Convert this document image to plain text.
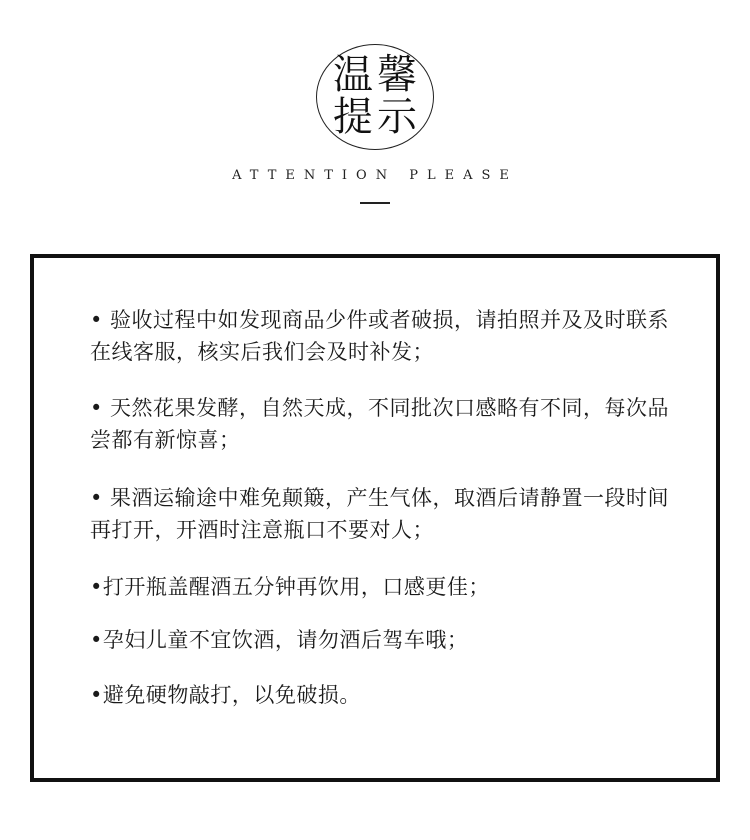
温 馨
提 示
ATTENTION PLEASE
• 验收过程中如发现商品少件或者破损，请拍照并及及时联系在线客服，核实后我们会及时补发；
• 天然花果发酵，自然天成，不同批次口感略有不同，每次品尝都有新惊喜；
• 果酒运输途中难免颠簸，产生气体，取酒后请静置一段时间再打开，开酒时注意瓶口不要对人；
•打开瓶盖醒酒五分钟再饮用，口感更佳；
•孕妇儿童不宜饮酒，请勿酒后驾车哦；
•避免硬物敲打，以免破损。
